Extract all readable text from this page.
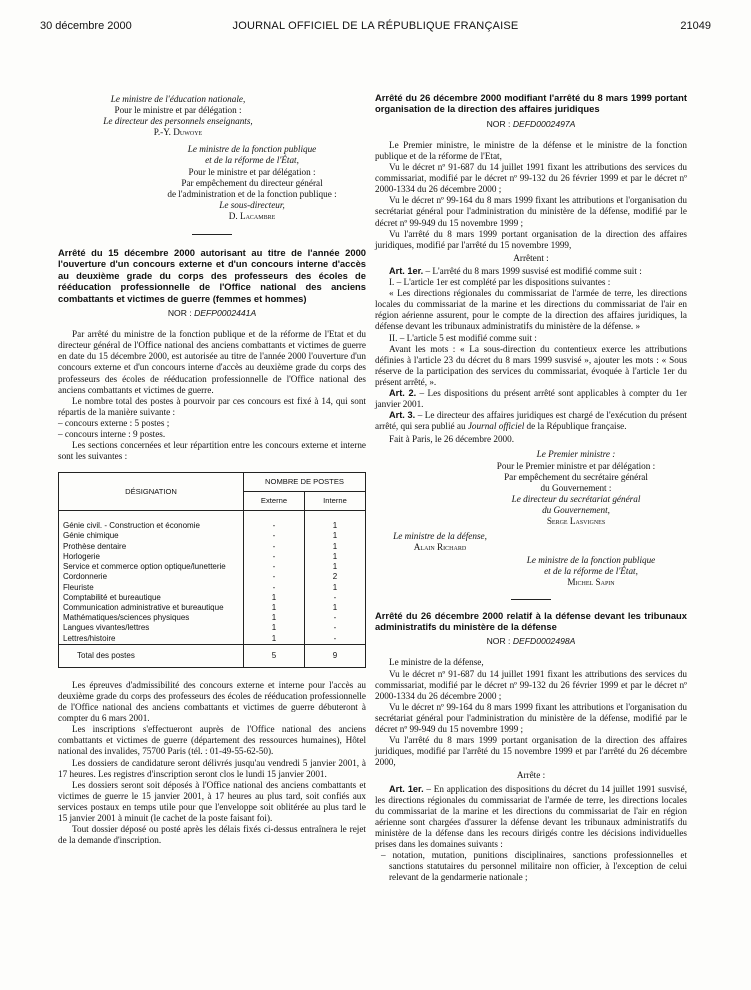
30 décembre 2000	JOURNAL OFFICIEL DE LA RÉPUBLIQUE FRANÇAISE	21049
Le ministre de l'éducation nationale,
Pour le ministre et par délégation :
Le directeur des personnels enseignants,
P.-Y. Duwoye
Le ministre de la fonction publique
et de la réforme de l'État,
Pour le ministre et par délégation :
Par empêchement du directeur général
de l'administration et de la fonction publique :
Le sous-directeur,
D. Lacambre

Arrêté du 15 décembre 2000 autorisant au titre de l'année 2000 l'ouverture d'un concours externe et d'un concours interne d'accès au deuxième grade du corps des professeurs des écoles de rééducation professionnelle de l'Office national des anciens combattants et victimes de guerre (femmes et hommes)

NOR : DEFP0002441A

Par arrêté du ministre de la fonction publique et de la réforme de l'Etat et du directeur général de l'Office national des anciens combattants et victimes de guerre en date du 15 décembre 2000, est autorisée au titre de l'année 2000 l'ouverture d'un concours externe et d'un concours interne d'accès au deuxième grade du corps des professeurs des écoles de rééducation professionnelle de l'Office national des anciens combattants et victimes de guerre.

Le nombre total des postes à pourvoir par ces concours est fixé à 14, qui sont répartis de la manière suivante :

– concours externe : 5 postes ;

– concours interne : 9 postes.

Les sections concernées et leur répartition entre les concours externe et interne sont les suivantes :

DÉSIGNATION	NOMBRE DE POSTES	
	Externe	Interne

Génie civil. - Construction et économie	-	1
Génie chimique	-	1
Prothèse dentaire	-	1
Horlogerie	-	1
Service et commerce option optique/lunetterie	-	1
Cordonnerie	-	2
Fleuriste	-	1
Comptabilité et bureautique	1	-
Communication administrative et bureautique	1	1
Mathématiques/sciences physiques	1	-
Langues vivantes/lettres	1	-
Lettres/histoire	1	-
Total des postes	5	9

Les épreuves d'admissibilité des concours externe et interne pour l'accès au deuxième grade du corps des professeurs des écoles de rééducation professionnelle de l'Office national des anciens combattants et victimes de guerre débuteront à compter du 6 mars 2001.

Les inscriptions s'effectueront auprès de l'Office national des anciens combattants et victimes de guerre (département des ressources humaines), Hôtel national des invalides, 75700 Paris (tél. : 01-49-55-62-50).

Les dossiers de candidature seront délivrés jusqu'au vendredi 5 janvier 2001, à 17 heures. Les registres d'inscription seront clos le lundi 15 janvier 2001.

Les dossiers seront soit déposés à l'Office national des anciens combattants et victimes de guerre le 15 janvier 2001, à 17 heures au plus tard, soit confiés aux services postaux en temps utile pour que l'enveloppe soit oblitérée au plus tard le 15 janvier 2001 à minuit (le cachet de la poste faisant foi).

Tout dossier déposé ou posté après les délais fixés ci-dessus entraînera le rejet de la demande d'inscription.

Arrêté du 26 décembre 2000 modifiant l'arrêté du 8 mars 1999 portant organisation de la direction des affaires juridiques

NOR : DEFD0002497A

Le Premier ministre, le ministre de la défense et le ministre de la fonction publique et de la réforme de l'Etat,

Vu le décret nº 91-687 du 14 juillet 1991 fixant les attributions des services du commissariat, modifié par le décret nº 99-132 du 26 février 1999 et par le décret nº 2000-1334 du 26 décembre 2000 ;

Vu le décret nº 99-164 du 8 mars 1999 fixant les attributions et l'organisation du secrétariat général pour l'administration du ministère de la défense, modifié par le décret nº 99-949 du 15 novembre 1999 ;

Vu l'arrêté du 8 mars 1999 portant organisation de la direction des affaires juridiques, modifié par l'arrêté du 15 novembre 1999,

Arrêtent :

Art. 1er. – L'arrêté du 8 mars 1999 susvisé est modifié comme suit :

I. – L'article 1er est complété par les dispositions suivantes :

« Les directions régionales du commissariat de l'armée de terre, les directions locales du commissariat de la marine et les directions du commissariat de l'air en région aérienne assurent, pour le compte de la direction des affaires juridiques, la défense devant les tribunaux administratifs du ministère de la défense. »

II. – L'article 5 est modifié comme suit :

Avant les mots : « La sous-direction du contentieux exerce les attributions définies à l'article 23 du décret du 8 mars 1999 susvisé », ajouter les mots : « Sous réserve de la participation des services du commissariat, évoquée à l'article 1er du présent arrêté, ».

Art. 2. – Les dispositions du présent arrêté sont applicables à compter du 1er janvier 2001.

Art. 3. – Le directeur des affaires juridiques est chargé de l'exécution du présent arrêté, qui sera publié au Journal officiel de la République française.

Fait à Paris, le 26 décembre 2000.

Le Premier ministre :
Pour le Premier ministre et par délégation :
Par empêchement du secrétaire général
du Gouvernement :
Le directeur du secrétariat général
du Gouvernement,
Serge Lasvignes
Le ministre de la défense,
Alain Richard
Le ministre de la fonction publique
et de la réforme de l'État,
Michel Sapin

Arrêté du 26 décembre 2000 relatif à la défense devant les tribunaux administratifs du ministère de la défense

NOR : DEFD0002498A

Le ministre de la défense,

Vu le décret nº 91-687 du 14 juillet 1991 fixant les attributions des services du commissariat, modifié par le décret nº 99-132 du 26 février 1999 et par le décret nº 2000-1334 du 26 décembre 2000 ;

Vu le décret nº 99-164 du 8 mars 1999 fixant les attributions et l'organisation du secrétariat général pour l'administration du ministère de la défense, modifié par le décret nº 99-949 du 15 novembre 1999 ;

Vu l'arrêté du 8 mars 1999 portant organisation de la direction des affaires juridiques, modifié par l'arrêté du 15 novembre 1999 et par l'arrêté du 26 décembre 2000,

Arrête :

Art. 1er. – En application des dispositions du décret du 14 juillet 1991 susvisé, les directions régionales du commissariat de l'armée de terre, les directions locales du commissariat de la marine et les directions du commissariat de l'air en région aérienne sont chargées d'assurer la défense devant les tribunaux administratifs du ministère de la défense dans les recours dirigés contre les décisions individuelles prises dans les domaines suivants :

– notation, mutation, punitions disciplinaires, sanctions professionnelles et sanctions statutaires du personnel militaire non officier, à l'exception de celui relevant de la gendarmerie nationale ;
